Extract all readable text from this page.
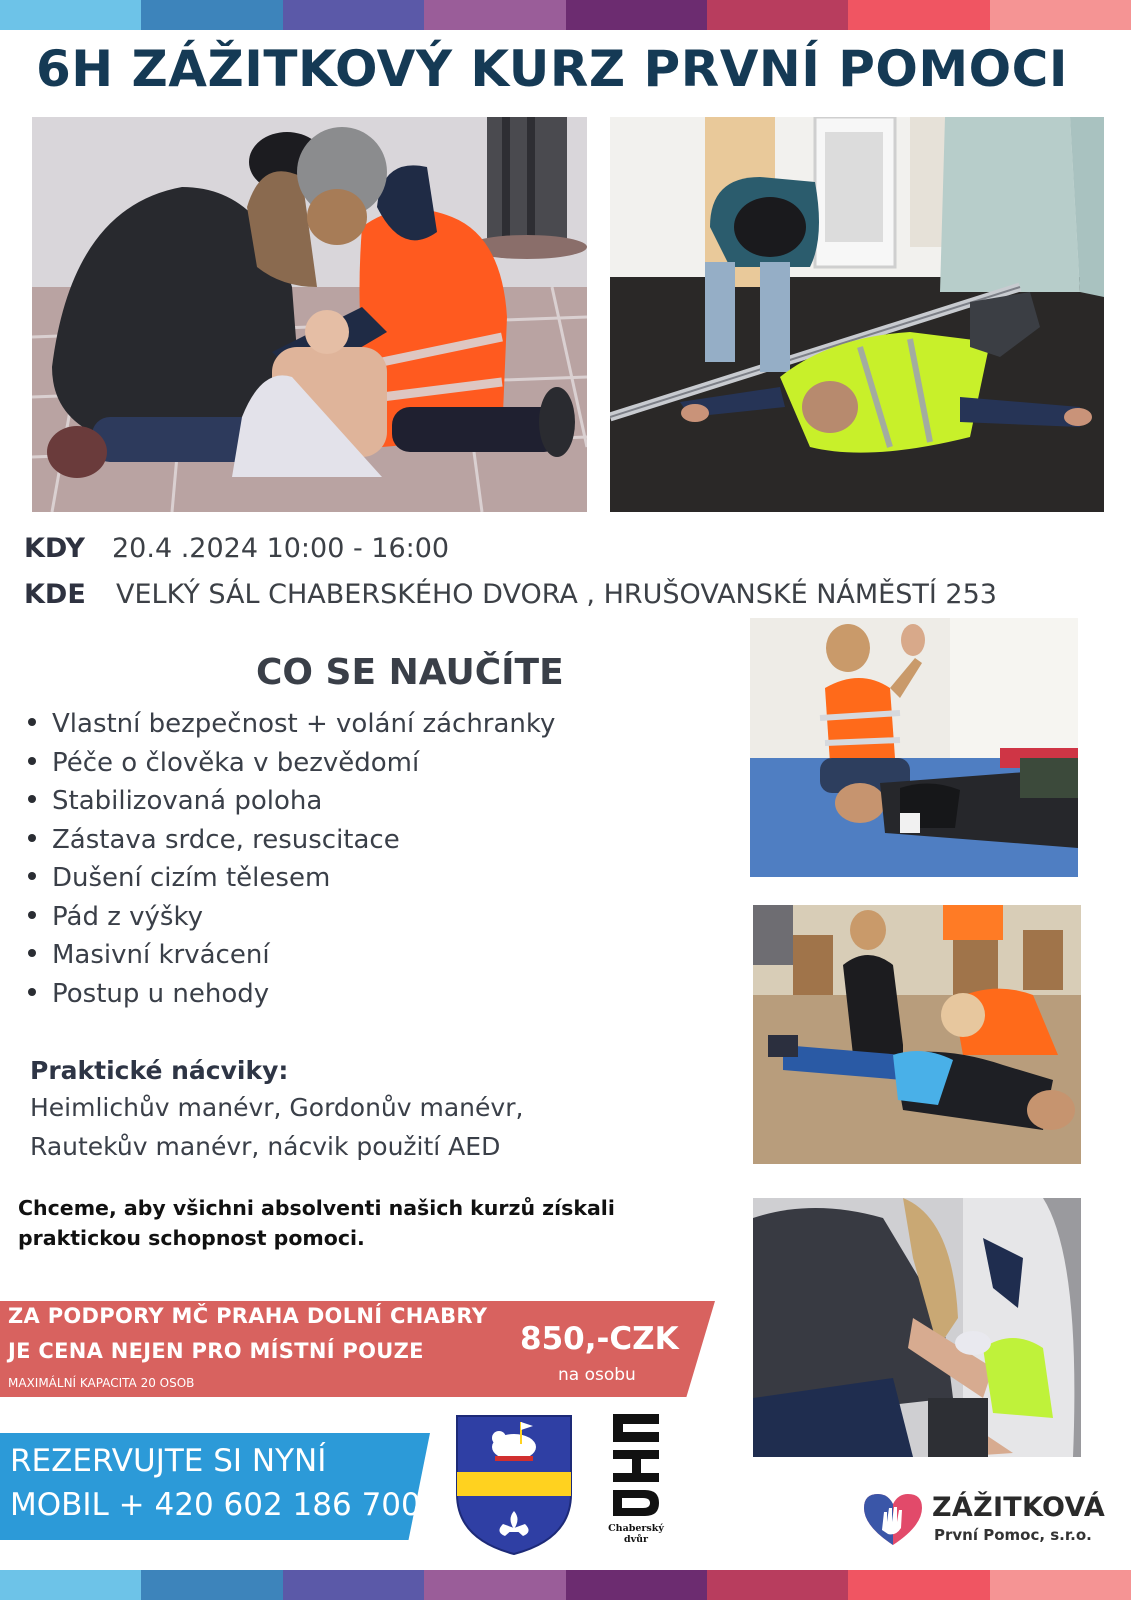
6H ZÁŽITKOVÝ KURZ PRVNÍ POMOCI
KDY 20.4 .2024 10:00 - 16:00
KDE VELKÝ SÁL CHABERSKÉHO DVORA , HRUŠOVANSKÉ NÁMĚSTÍ 253
CO SE NAUČÍTE
Vlastní bezpečnost + volání záchranky
Péče o člověka v bezvědomí
Stabilizovaná poloha
Zástava srdce, resuscitace
Dušení cizím tělesem
Pád z výšky
Masivní krvácení
Postup u nehody
Praktické nácviky:
Heimlichův manévr, Gordonův manévr,
Rautekův manévr, nácvik použití AED

Chceme, aby všichni absolventi našich kurzů získali praktickou schopnost pomoci.

ZA PODPORY MČ PRAHA DOLNÍ CHABRY
JE CENA NEJEN PRO MÍSTNÍ POUZE
MAXIMÁLNÍ KAPACITA 20 OSOB
850,-CZK
na osobu
REZERVUJTE SI NYNÍ
MOBIL + 420 602 186 700
Chaberský
dvůr
ZÁŽITKOVÁ
První Pomoc, s.r.o.
